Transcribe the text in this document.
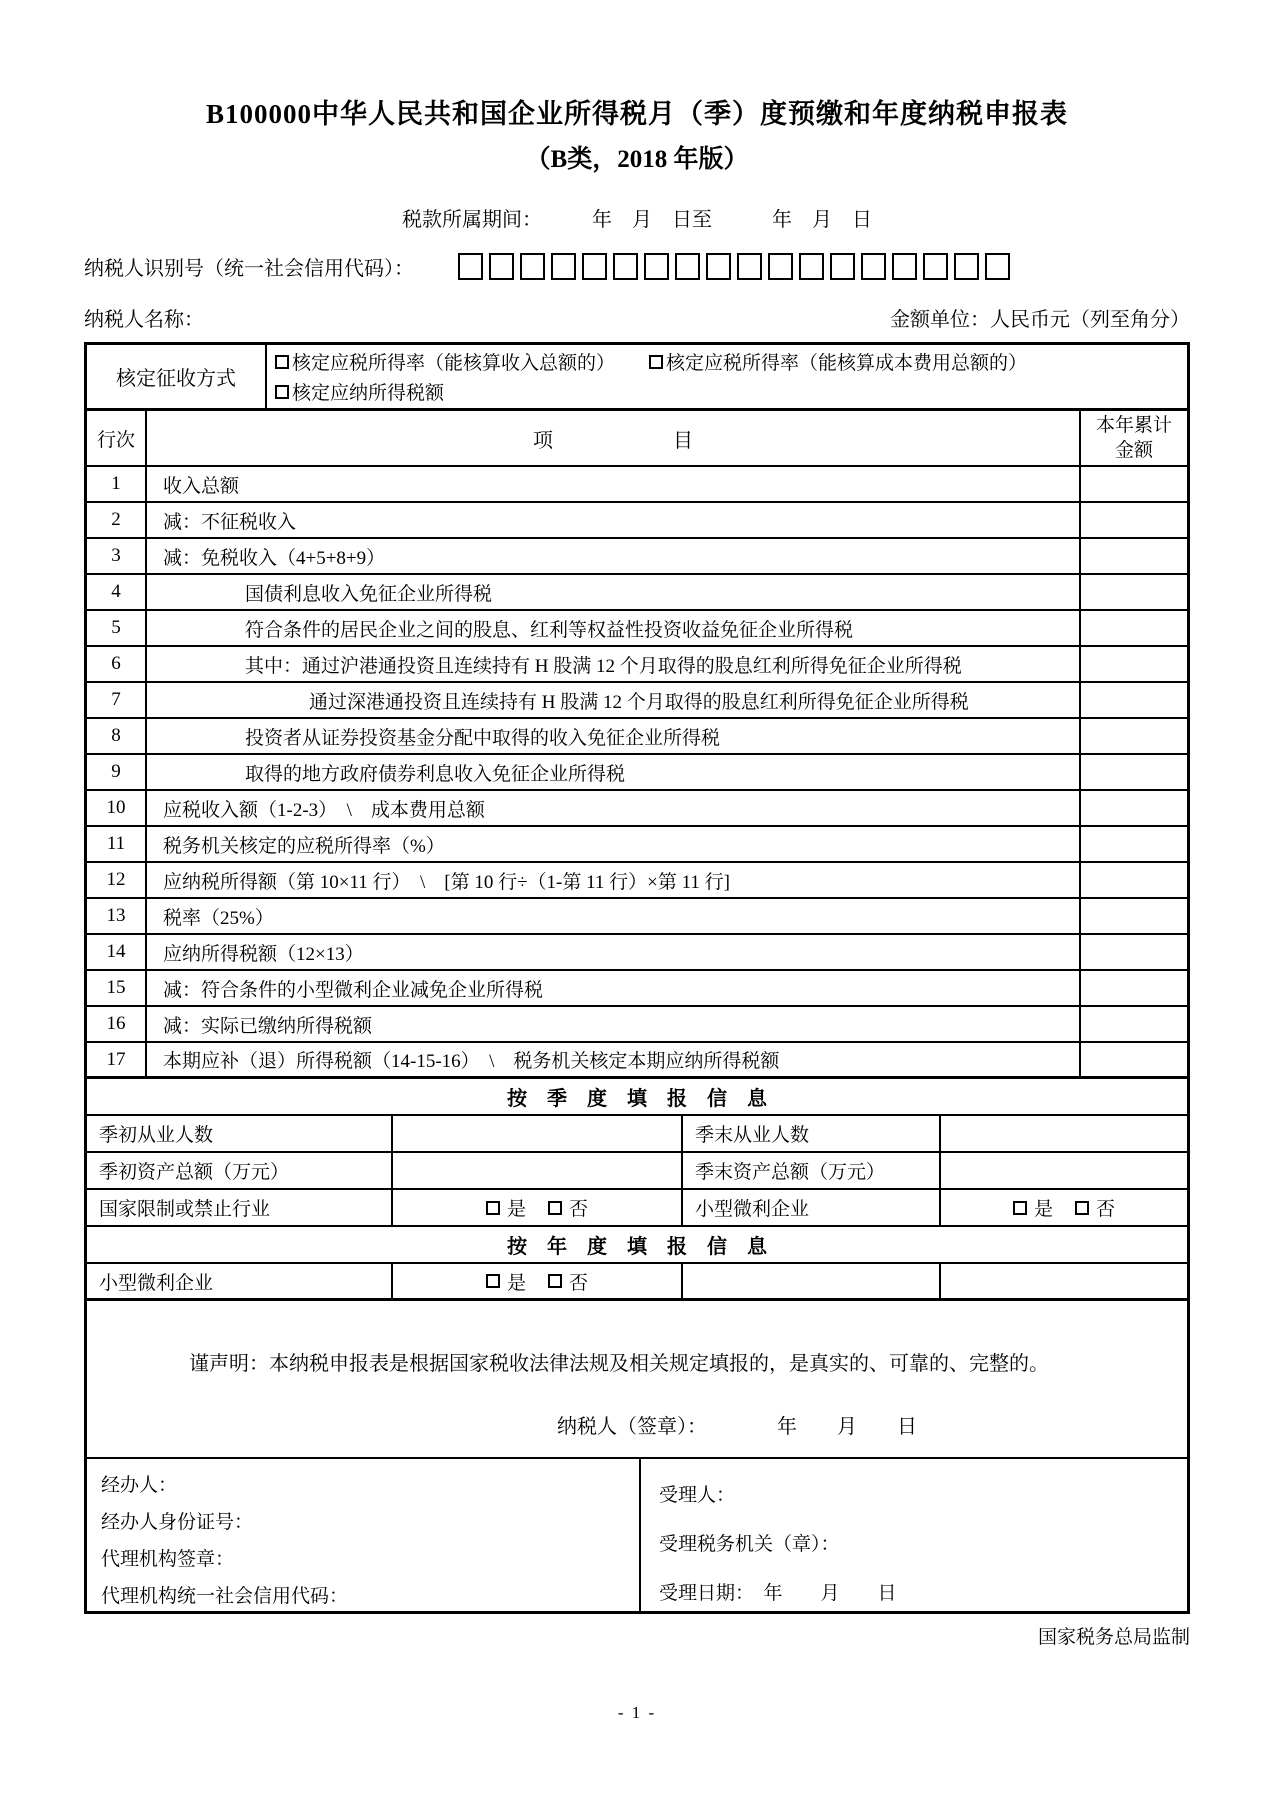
B100000中华人民共和国企业所得税月（季）度预缴和年度纳税申报表
（B类，2018 年版）
税款所属期间：　　　年　月　日至　　　年　月　日
纳税人识别号（统一社会信用代码）：
纳税人名称：	金额单位：人民币元（列至角分）
核定征收方式
核定应税所得率（能核算收入总额的）	核定应税所得率（能核算成本费用总额的）
核定应纳所得税额
行次	项　　　　　　目
本年累计
金额
1	收入总额
2	减：不征税收入
3	减：免税收入（4+5+8+9）
4	国债利息收入免征企业所得税
5	符合条件的居民企业之间的股息、红利等权益性投资收益免征企业所得税
6	其中：通过沪港通投资且连续持有 H 股满 12 个月取得的股息红利所得免征企业所得税
7	通过深港通投资且连续持有 H 股满 12 个月取得的股息红利所得免征企业所得税
8	投资者从证券投资基金分配中取得的收入免征企业所得税
9	取得的地方政府债券利息收入免征企业所得税
10	应税收入额（1-2-3）　\　成本费用总额
11	税务机关核定的应税所得率（%）
12	应纳税所得额（第 10×11 行）　\　[第 10 行÷（1-第 11 行）×第 11 行]
13	税率（25%）
14	应纳所得税额（12×13）
15	减：符合条件的小型微利企业减免企业所得税
16	减：实际已缴纳所得税额
17	本期应补（退）所得税额（14-15-16）　\　税务机关核定本期应纳所得税额
按　季　度　填　报　信　息
季初从业人数	季末从业人数
季初资产总额（万元）	季末资产总额（万元）
国家限制或禁止行业	是 否	小型微利企业	是 否
按　年　度　填　报　信　息
小型微利企业	是 否
谨声明：本纳税申报表是根据国家税收法律法规及相关规定填报的，是真实的、可靠的、完整的。
纳税人（签章）：　　　　年　　月　　日
经办人：
经办人身份证号：
代理机构签章：
代理机构统一社会信用代码：
受理人：
受理税务机关（章）：
受理日期：　年　　月　　日
国家税务总局监制
- 1 -
